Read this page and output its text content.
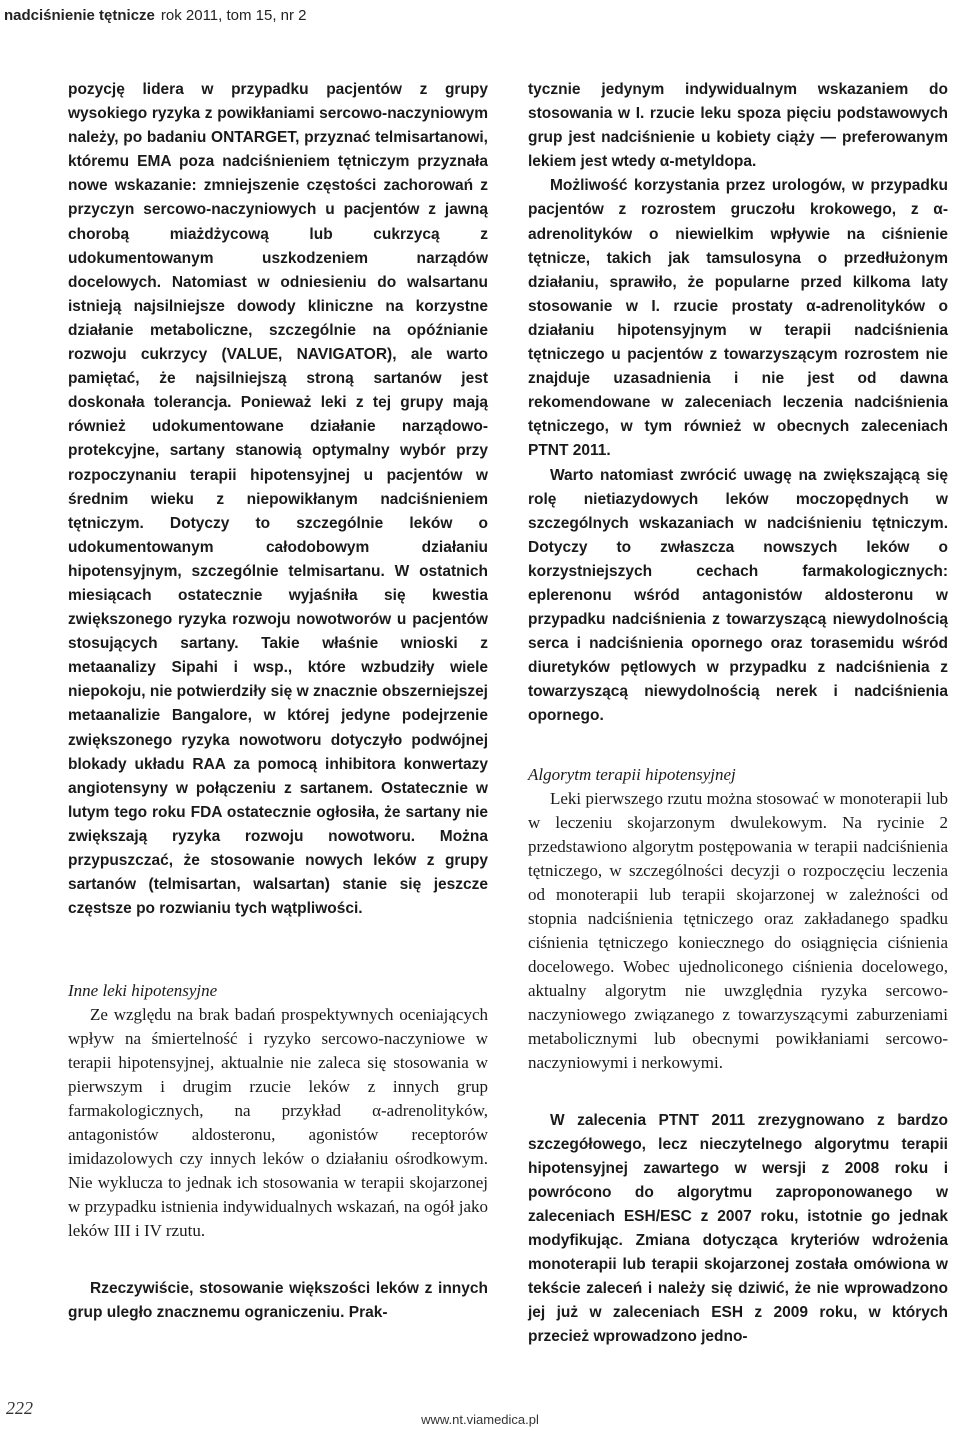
nadciśnienie tętnicze rok 2011, tom 15, nr 2

pozycję lidera w przypadku pacjentów z grupy wysokiego ryzyka z powikłaniami sercowo-naczyniowym należy, po badaniu ONTARGET, przyznać telmisartanowi, któremu EMA poza nadciśnieniem tętniczym przyznała nowe wskazanie: zmniejszenie częstości zachorowań z przyczyn sercowo-naczyniowych u pacjentów z jawną chorobą miażdżycową lub cukrzycą z udokumentowanym uszkodzeniem narządów docelowych. Natomiast w odniesieniu do walsartanu istnieją najsilniejsze dowody kliniczne na korzystne działanie metaboliczne, szczególnie na opóźnianie rozwoju cukrzycy (VALUE, NAVIGATOR), ale warto pamiętać, że najsilniejszą stroną sartanów jest doskonała tolerancja. Ponieważ leki z tej grupy mają również udokumentowane działanie narządowo-protekcyjne, sartany stanowią optymalny wybór przy rozpoczynaniu terapii hipotensyjnej u pacjentów w średnim wieku z niepowikłanym nadciśnieniem tętniczym. Dotyczy to szczególnie leków o udokumentowanym całodobowym działaniu hipotensyjnym, szczególnie telmisartanu. W ostatnich miesiącach ostatecznie wyjaśniła się kwestia zwiększonego ryzyka rozwoju nowotworów u pacjentów stosujących sartany. Takie właśnie wnioski z metaanalizy Sipahi i wsp., które wzbudziły wiele niepokoju, nie potwierdziły się w znacznie obszerniejszej metaanalizie Bangalore, w której jedyne podejrzenie zwiększonego ryzyka nowotworu dotyczyło podwójnej blokady układu RAA za pomocą inhibitora konwertazy angiotensyny w połączeniu z sartanem. Ostatecznie w lutym tego roku FDA ostatecznie ogłosiła, że sartany nie zwiększają ryzyka rozwoju nowotworu. Można przypuszczać, że stosowanie nowych leków z grupy sartanów (telmisartan, walsartan) stanie się jeszcze częstsze po rozwianiu tych wątpliwości.

Inne leki hipotensyjne

Ze względu na brak badań prospektywnych oceniających wpływ na śmiertelność i ryzyko sercowo-naczyniowe w terapii hipotensyjnej, aktualnie nie zaleca się stosowania w pierwszym i drugim rzucie leków z innych grup farmakologicznych, na przykład α-adrenolityków, antagonistów aldosteronu, agonistów receptorów imidazolowych czy innych leków o działaniu ośrodkowym. Nie wyklucza to jednak ich stosowania w terapii skojarzonej w przypadku istnienia indywidualnych wskazań, na ogół jako leków III i IV rzutu.

Rzeczywiście, stosowanie większości leków z innych grup uległo znacznemu ograniczeniu. Prak-

tycznie jedynym indywidualnym wskazaniem do stosowania w I. rzucie leku spoza pięciu podstawowych grup jest nadciśnienie u kobiety ciąży — preferowanym lekiem jest wtedy α-metyldopa.

Możliwość korzystania przez urologów, w przypadku pacjentów z rozrostem gruczołu krokowego, z α-adrenolityków o niewielkim wpływie na ciśnienie tętnicze, takich jak tamsulosyna o przedłużonym działaniu, sprawiło, że popularne przed kilkoma laty stosowanie w I. rzucie prostaty α-adrenolityków o działaniu hipotensyjnym w terapii nadciśnienia tętniczego u pacjentów z towarzyszącym rozrostem nie znajduje uzasadnienia i nie jest od dawna rekomendowane w zaleceniach leczenia nadciśnienia tętniczego, w tym również w obecnych zaleceniach PTNT 2011.

Warto natomiast zwrócić uwagę na zwiększającą się rolę nietiazydowych leków moczopędnych w szczególnych wskazaniach w nadciśnieniu tętniczym. Dotyczy to zwłaszcza nowszych leków o korzystniejszych cechach farmakologicznych: eplerenonu wśród antagonistów aldosteronu w przypadku nadciśnienia z towarzyszącą niewydolnością serca i nadciśnienia opornego oraz torasemidu wśród diuretyków pętlowych w przypadku z nadciśnienia z towarzyszącą niewydolnością nerek i nadciśnienia opornego.

Algorytm terapii hipotensyjnej

Leki pierwszego rzutu można stosować w monoterapii lub w leczeniu skojarzonym dwulekowym. Na rycinie 2 przedstawiono algorytm postępowania w terapii nadciśnienia tętniczego, w szczególności decyzji o rozpoczęciu leczenia od monoterapii lub terapii skojarzonej w zależności od stopnia nadciśnienia tętniczego oraz zakładanego spadku ciśnienia tętniczego koniecznego do osiągnięcia ciśnienia docelowego. Wobec ujednoliconego ciśnienia docelowego, aktualny algorytm nie uwzględnia ryzyka sercowo-naczyniowego związanego z towarzyszącymi zaburzeniami metabolicznymi lub obecnymi powikłaniami sercowo-naczyniowymi i nerkowymi.

W zalecenia PTNT 2011 zrezygnowano z bardzo szczegółowego, lecz nieczytelnego algorytmu terapii hipotensyjnej zawartego w wersji z 2008 roku i powrócono do algorytmu zaproponowanego w zaleceniach ESH/ESC z 2007 roku, istotnie go jednak modyfikując. Zmiana dotycząca kryteriów wdrożenia monoterapii lub terapii skojarzonej została omówiona w tekście zaleceń i należy się dziwić, że nie wprowadzono jej już w zaleceniach ESH z 2009 roku, w których przecież wprowadzono jedno-

222
www.nt.viamedica.pl
